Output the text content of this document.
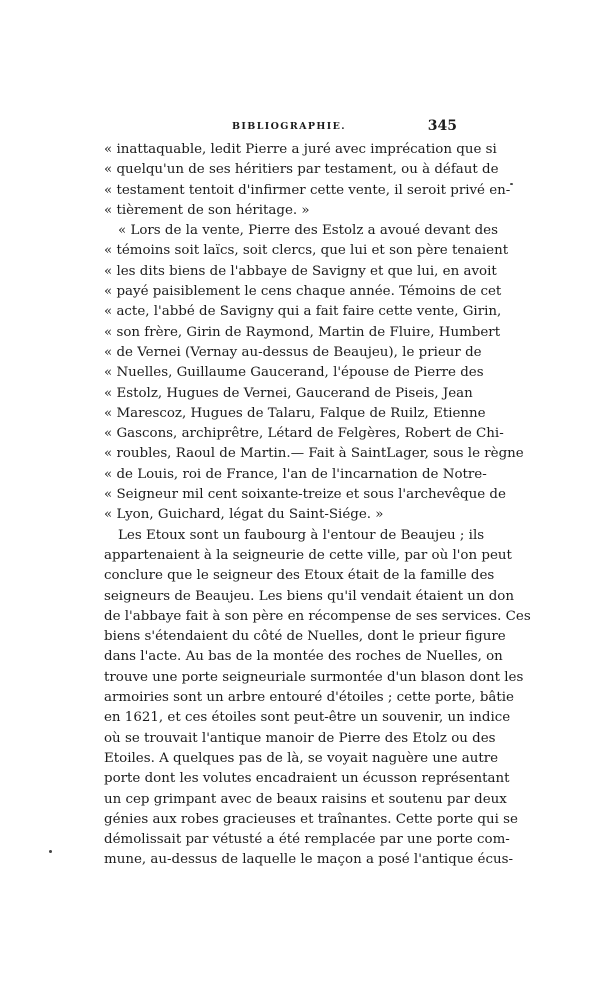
BIBLIOGRAPHIE.	345
« inattaquable, ledit Pierre a juré avec imprécation que si
« quelqu'un de ses héritiers par testament, ou à défaut de
« testament tentoit d'infirmer cette vente, il seroit privé en-
« tièrement de son héritage. »
« Lors de la vente, Pierre des Estolz a avoué devant des
« témoins soit laïcs, soit clercs, que lui et son père tenaient
« les dits biens de l'abbaye de Savigny et que lui, en avoit
« payé paisiblement le cens chaque année. Témoins de cet
« acte, l'abbé de Savigny qui a fait faire cette vente, Girin,
« son frère, Girin de Raymond, Martin de Fluire, Humbert
« de Vernei (Vernay au-dessus de Beaujeu), le prieur de
« Nuelles, Guillaume Gaucerand, l'épouse de Pierre des
« Estolz, Hugues de Vernei, Gaucerand de Piseis, Jean
« Marescoz, Hugues de Talaru, Falque de Ruilz, Etienne
« Gascons, archiprêtre, Létard de Felgères, Robert de Chi-
« roubles, Raoul de Martin.— Fait à SaintLager, sous le règne
« de Louis, roi de France, l'an de l'incarnation de Notre-
« Seigneur mil cent soixante-treize et sous l'archevêque de
« Lyon, Guichard, légat du Saint-Siége. »
Les Etoux sont un faubourg à l'entour de Beaujeu ; ils
appartenaient à la seigneurie de cette ville, par où l'on peut
conclure que le seigneur des Etoux était de la famille des
seigneurs de Beaujeu. Les biens qu'il vendait étaient un don
de l'abbaye fait à son père en récompense de ses services. Ces
biens s'étendaient du côté de Nuelles, dont le prieur figure
dans l'acte. Au bas de la montée des roches de Nuelles, on
trouve une porte seigneuriale surmontée d'un blason dont les
armoiries sont un arbre entouré d'étoiles ; cette porte, bâtie
en 1621, et ces étoiles sont peut-être un souvenir, un indice
où se trouvait l'antique manoir de Pierre des Etolz ou des
Etoiles. A quelques pas de là, se voyait naguère une autre
porte dont les volutes encadraient un écusson représentant
un cep grimpant avec de beaux raisins et soutenu par deux
génies aux robes gracieuses et traînantes. Cette porte qui se
démolissait par vétusté a été remplacée par une porte com-
mune, au-dessus de laquelle le maçon a posé l'antique écus-
